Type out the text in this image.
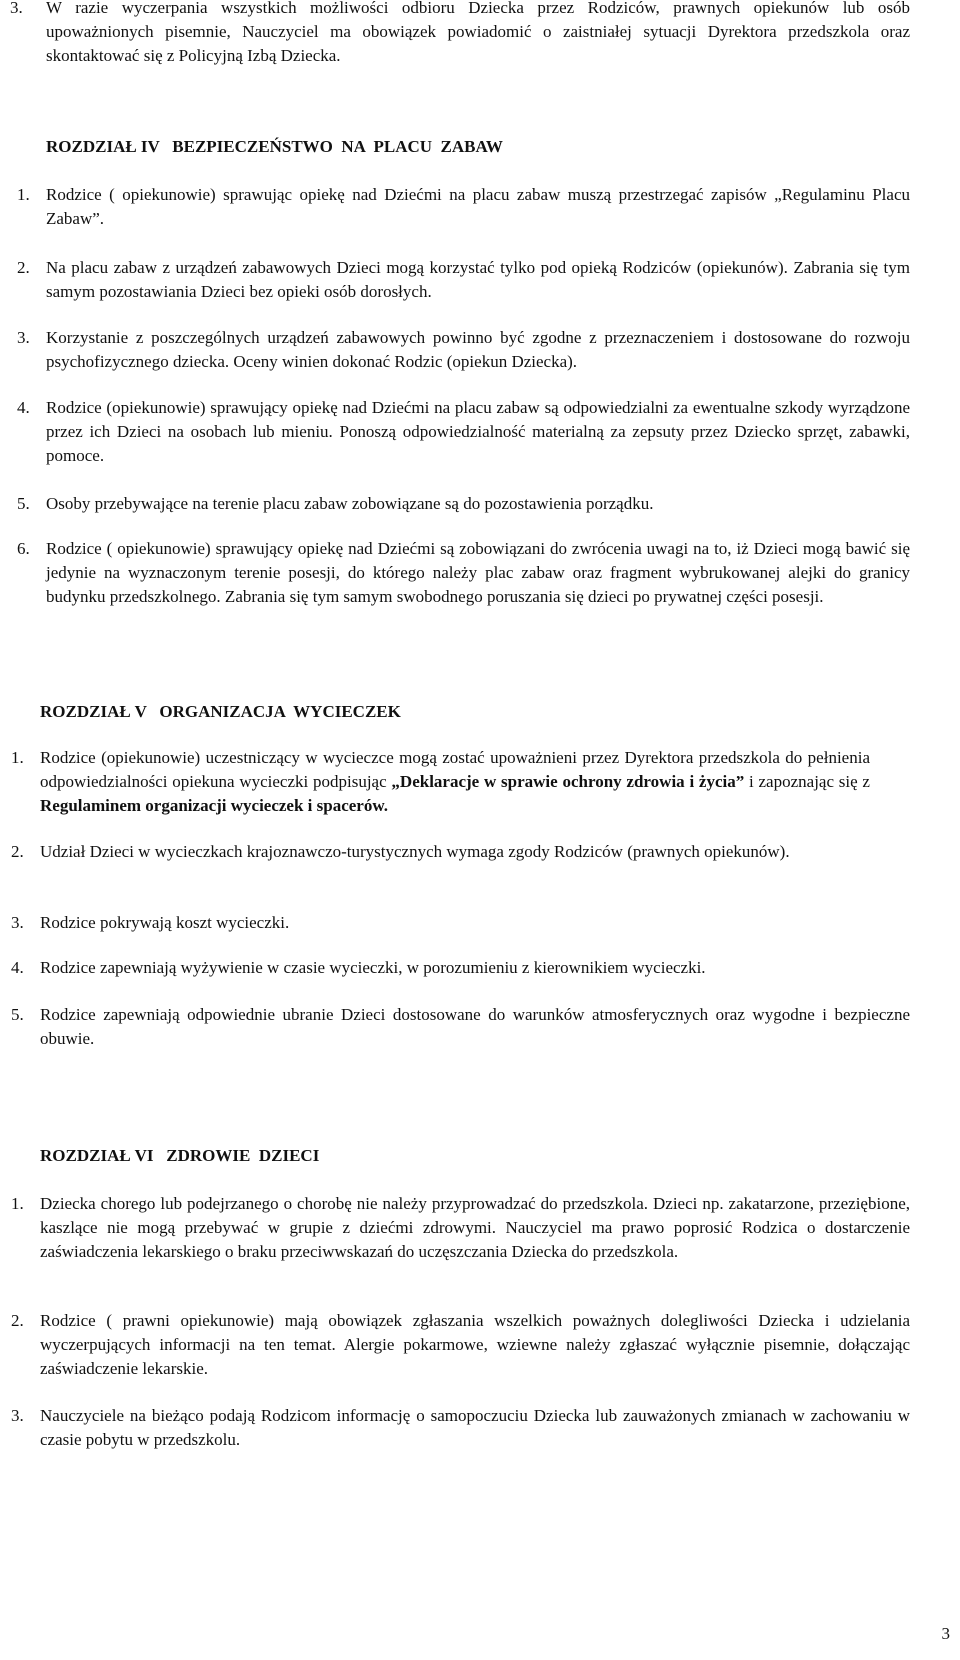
3. W razie wyczerpania wszystkich możliwości odbioru Dziecka przez Rodziców, prawnych opiekunów lub osób upoważnionych pisemnie, Nauczyciel ma obowiązek powiadomić o zaistniałej sytuacji Dyrektora przedszkola oraz skontaktować się z Policyjną Izbą Dziecka.
ROZDZIAŁ IV   BEZPIECZEŃSTWO  NA  PLACU  ZABAW
1. Rodzice ( opiekunowie) sprawując opiekę nad Dziećmi na placu zabaw muszą przestrzegać zapisów „Regulaminu Placu Zabaw”.
2. Na placu zabaw z urządzeń zabawowych Dzieci mogą korzystać tylko pod opieką Rodziców (opiekunów). Zabrania się tym samym pozostawiania Dzieci bez opieki osób dorosłych.
3. Korzystanie z poszczególnych urządzeń zabawowych powinno być zgodne z przeznaczeniem i dostosowane do rozwoju psychofizycznego dziecka. Oceny winien dokonać Rodzic (opiekun Dziecka).
4. Rodzice (opiekunowie) sprawujący opiekę nad Dziećmi na placu zabaw są odpowiedzialni za ewentualne szkody wyrządzone przez ich Dzieci na osobach lub mieniu. Ponoszą odpowiedzialność materialną za zepsuty przez Dziecko sprzęt, zabawki, pomoce.
5. Osoby przebywające na terenie placu zabaw zobowiązane są do pozostawienia porządku.
6. Rodzice ( opiekunowie) sprawujący opiekę nad Dziećmi są zobowiązani do zwrócenia uwagi na to, iż Dzieci mogą bawić się jedynie na wyznaczonym terenie posesji, do którego należy plac zabaw oraz fragment wybrukowanej alejki do granicy budynku przedszkolnego. Zabrania się tym samym swobodnego poruszania się dzieci po prywatnej części posesji.
ROZDZIAŁ V   ORGANIZACJA  WYCIECZEK
1. Rodzice (opiekunowie) uczestniczący w wycieczce mogą zostać upoważnieni przez Dyrektora przedszkola do pełnienia odpowiedzialności opiekuna wycieczki podpisując „Deklaracje w sprawie ochrony zdrowia i życia” i zapoznając się z Regulaminem organizacji wycieczek i spacerów.
2. Udział Dzieci w wycieczkach krajoznawczo-turystycznych wymaga zgody Rodziców (prawnych opiekunów).
3. Rodzice pokrywają koszt wycieczki.
4. Rodzice zapewniają wyżywienie w czasie wycieczki, w porozumieniu z kierownikiem wycieczki.
5. Rodzice zapewniają odpowiednie ubranie Dzieci dostosowane do warunków atmosferycznych oraz wygodne i bezpieczne obuwie.
ROZDZIAŁ VI   ZDROWIE  DZIECI
1. Dziecka chorego lub podejrzanego o chorobę nie należy przyprowadzać do przedszkola. Dzieci np. zakatarzone, przeziębione, kaszlące nie mogą przebywać w grupie z dziećmi zdrowymi. Nauczyciel ma prawo poprosić Rodzica o dostarczenie zaświadczenia lekarskiego o braku przeciwwskazań do uczęszczania Dziecka do przedszkola.
2. Rodzice ( prawni opiekunowie) mają obowiązek zgłaszania wszelkich poważnych dolegliwości Dziecka i udzielania wyczerpujących informacji na ten temat. Alergie pokarmowe, wziewne należy zgłaszać wyłącznie pisemnie, dołączając zaświadczenie lekarskie.
3. Nauczyciele na bieżąco podają Rodzicom informację o samopoczuciu Dziecka lub zauważonych zmianach w zachowaniu w czasie pobytu w przedszkolu.
3
